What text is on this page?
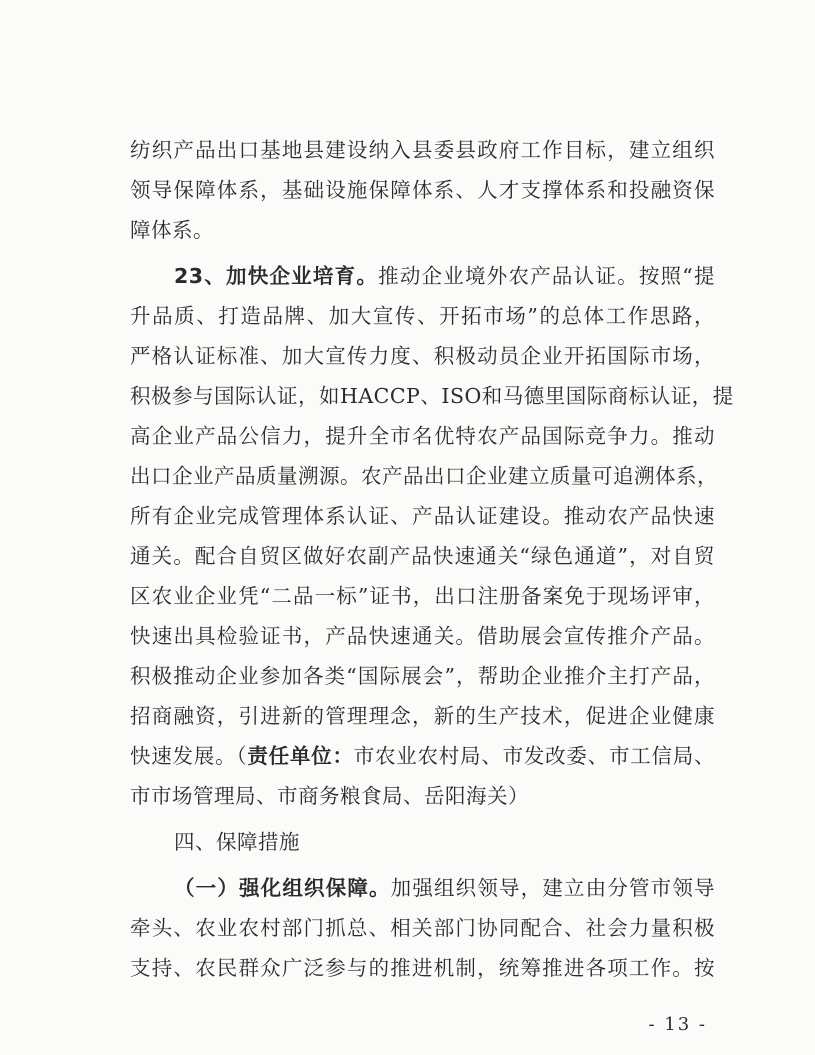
纺织产品出口基地县建设纳入县委县政府工作目标，建立组织
领导保障体系，基础设施保障体系、人才支撑体系和投融资保
障体系。
23、加快企业培育。推动企业境外农产品认证。按照“提
升品质、打造品牌、加大宣传、开拓市场”的总体工作思路，
严格认证标准、加大宣传力度、积极动员企业开拓国际市场，
积极参与国际认证，如HACCP、ISO和马德里国际商标认证，提
高企业产品公信力，提升全市名优特农产品国际竞争力。推动
出口企业产品质量溯源。农产品出口企业建立质量可追溯体系，
所有企业完成管理体系认证、产品认证建设。推动农产品快速
通关。配合自贸区做好农副产品快速通关“绿色通道”，对自贸
区农业企业凭“二品一标”证书，出口注册备案免于现场评审，
快速出具检验证书，产品快速通关。借助展会宣传推介产品。
积极推动企业参加各类“国际展会”，帮助企业推介主打产品，
招商融资，引进新的管理理念，新的生产技术，促进企业健康
快速发展。（责任单位：市农业农村局、市发改委、市工信局、
市市场管理局、市商务粮食局、岳阳海关）
四、保障措施
（一）强化组织保障。加强组织领导，建立由分管市领导
牵头、农业农村部门抓总、相关部门协同配合、社会力量积极
支持、农民群众广泛参与的推进机制，统筹推进各项工作。按
- 13 -
